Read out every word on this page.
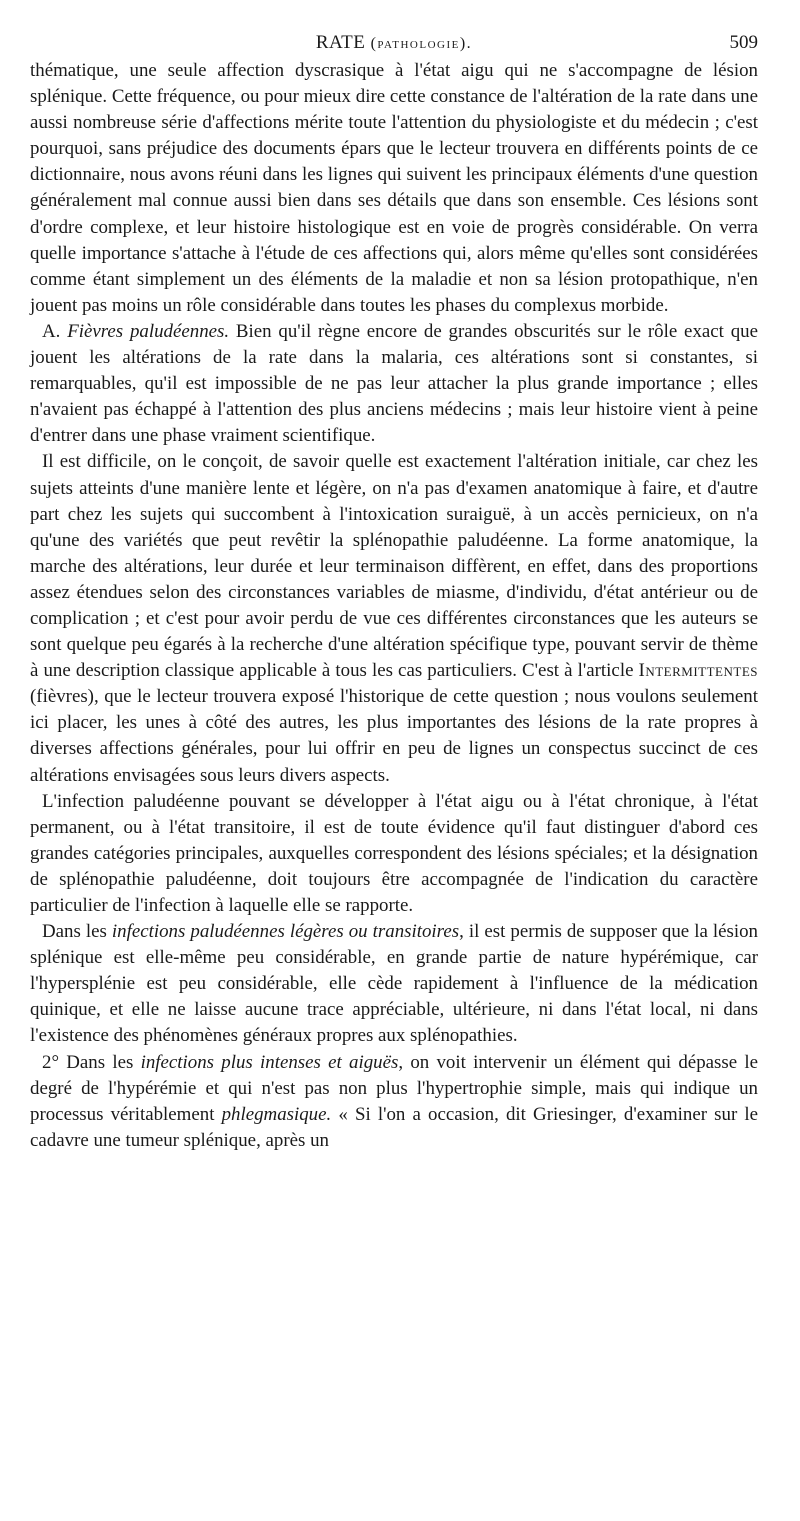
RATE (pathologie).	509

thématique, une seule affection dyscrasique à l'état aigu qui ne s'accompagne de lésion splénique. Cette fréquence, ou pour mieux dire cette constance de l'altération de la rate dans une aussi nombreuse série d'affections mérite toute l'attention du physiologiste et du médecin ; c'est pourquoi, sans préjudice des documents épars que le lecteur trouvera en différents points de ce dictionnaire, nous avons réuni dans les lignes qui suivent les principaux éléments d'une question généralement mal connue aussi bien dans ses détails que dans son ensemble. Ces lésions sont d'ordre complexe, et leur histoire histologique est en voie de progrès considérable. On verra quelle importance s'attache à l'étude de ces affections qui, alors même qu'elles sont considérées comme étant simplement un des éléments de la maladie et non sa lésion protopathique, n'en jouent pas moins un rôle considérable dans toutes les phases du complexus morbide.

A. Fièvres paludéennes. Bien qu'il règne encore de grandes obscurités sur le rôle exact que jouent les altérations de la rate dans la malaria, ces altérations sont si constantes, si remarquables, qu'il est impossible de ne pas leur attacher la plus grande importance ; elles n'avaient pas échappé à l'attention des plus anciens médecins ; mais leur histoire vient à peine d'entrer dans une phase vraiment scientifique.

Il est difficile, on le conçoit, de savoir quelle est exactement l'altération initiale, car chez les sujets atteints d'une manière lente et légère, on n'a pas d'examen anatomique à faire, et d'autre part chez les sujets qui succombent à l'intoxication suraiguë, à un accès pernicieux, on n'a qu'une des variétés que peut revêtir la splénopathie paludéenne. La forme anatomique, la marche des altérations, leur durée et leur terminaison diffèrent, en effet, dans des proportions assez étendues selon des circonstances variables de miasme, d'individu, d'état antérieur ou de complication ; et c'est pour avoir perdu de vue ces différentes circonstances que les auteurs se sont quelque peu égarés à la recherche d'une altération spécifique type, pouvant servir de thème à une description classique applicable à tous les cas particuliers. C'est à l'article Intermittentes (fièvres), que le lecteur trouvera exposé l'historique de cette question ; nous voulons seulement ici placer, les unes à côté des autres, les plus importantes des lésions de la rate propres à diverses affections générales, pour lui offrir en peu de lignes un conspectus succinct de ces altérations envisagées sous leurs divers aspects.

L'infection paludéenne pouvant se développer à l'état aigu ou à l'état chronique, à l'état permanent, ou à l'état transitoire, il est de toute évidence qu'il faut distinguer d'abord ces grandes catégories principales, auxquelles correspondent des lésions spéciales; et la désignation de splénopathie paludéenne, doit toujours être accompagnée de l'indication du caractère particulier de l'infection à laquelle elle se rapporte.

Dans les infections paludéennes légères ou transitoires, il est permis de supposer que la lésion splénique est elle-même peu considérable, en grande partie de nature hypérémique, car l'hypersplénie est peu considérable, elle cède rapidement à l'influence de la médication quinique, et elle ne laisse aucune trace appréciable, ultérieure, ni dans l'état local, ni dans l'existence des phénomènes généraux propres aux splénopathies.

2° Dans les infections plus intenses et aiguës, on voit intervenir un élément qui dépasse le degré de l'hypérémie et qui n'est pas non plus l'hypertrophie simple, mais qui indique un processus véritablement phlegmasique. « Si l'on a occasion, dit Griesinger, d'examiner sur le cadavre une tumeur splénique, après un
